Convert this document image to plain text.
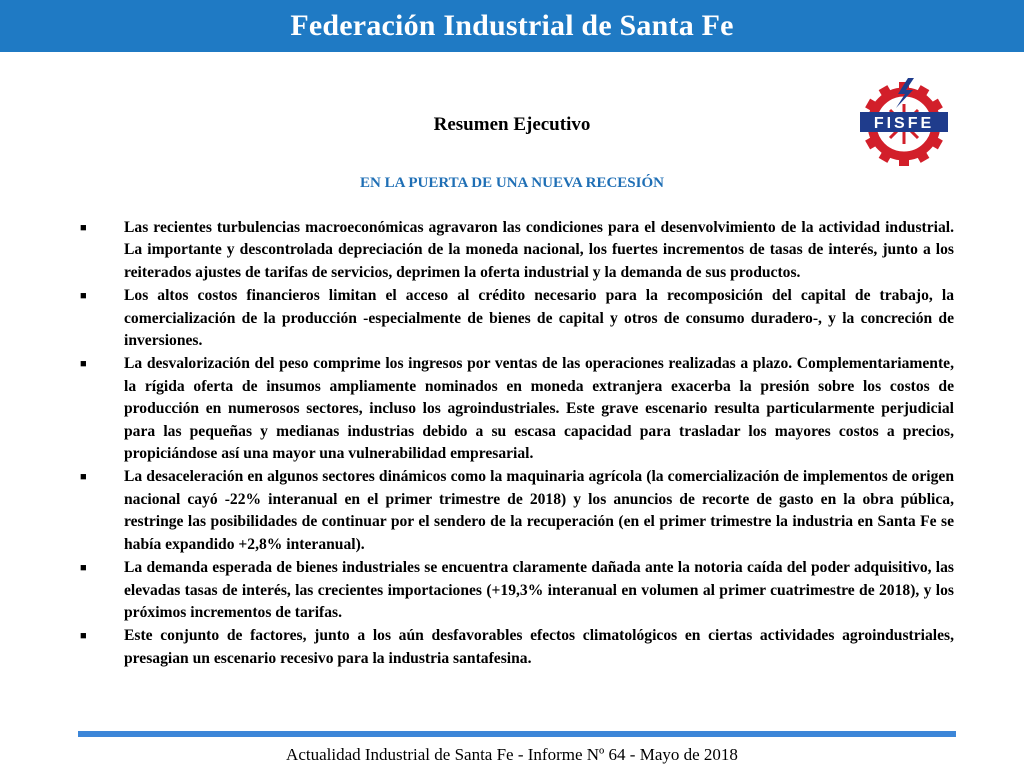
Federación Industrial de Santa Fe
FISFE
Resumen Ejecutivo
EN LA PUERTA DE UNA NUEVA RECESIÓN
■ Las recientes turbulencias macroeconómicas agravaron las condiciones para el desenvolvimiento de la actividad industrial. La importante y descontrolada depreciación de la moneda nacional, los fuertes incrementos de tasas de interés, junto a los reiterados ajustes de tarifas de servicios, deprimen la oferta industrial y la demanda de sus productos.
■ Los altos costos financieros limitan el acceso al crédito necesario para la recomposición del capital de trabajo, la comercialización de la producción -especialmente de bienes de capital y otros de consumo duradero-, y la concreción de inversiones.
■ La desvalorización del peso comprime los ingresos por ventas de las operaciones realizadas a plazo. Complementariamente, la rígida oferta de insumos ampliamente nominados en moneda extranjera exacerba la presión sobre los costos de producción en numerosos sectores, incluso los agroindustriales. Este grave escenario resulta particularmente perjudicial para las pequeñas y medianas industrias debido a su escasa capacidad para trasladar los mayores costos a precios, propiciándose así una mayor una vulnerabilidad empresarial.
■ La desaceleración en algunos sectores dinámicos como la maquinaria agrícola (la comercialización de implementos de origen nacional cayó -22% interanual en el primer trimestre de 2018) y los anuncios de recorte de gasto en la obra pública, restringe las posibilidades de continuar por el sendero de la recuperación (en el primer trimestre la industria en Santa Fe se había expandido +2,8% interanual).
■ La demanda esperada de bienes industriales se encuentra claramente dañada ante la notoria caída del poder adquisitivo, las elevadas tasas de interés, las crecientes importaciones (+19,3% interanual en volumen al primer cuatrimestre de 2018), y los próximos incrementos de tarifas.
■ Este conjunto de factores, junto a los aún desfavorables efectos climatológicos en ciertas actividades agroindustriales, presagian un escenario recesivo para la industria santafesina.
Actualidad Industrial de Santa Fe - Informe Nº 64 - Mayo de 2018
